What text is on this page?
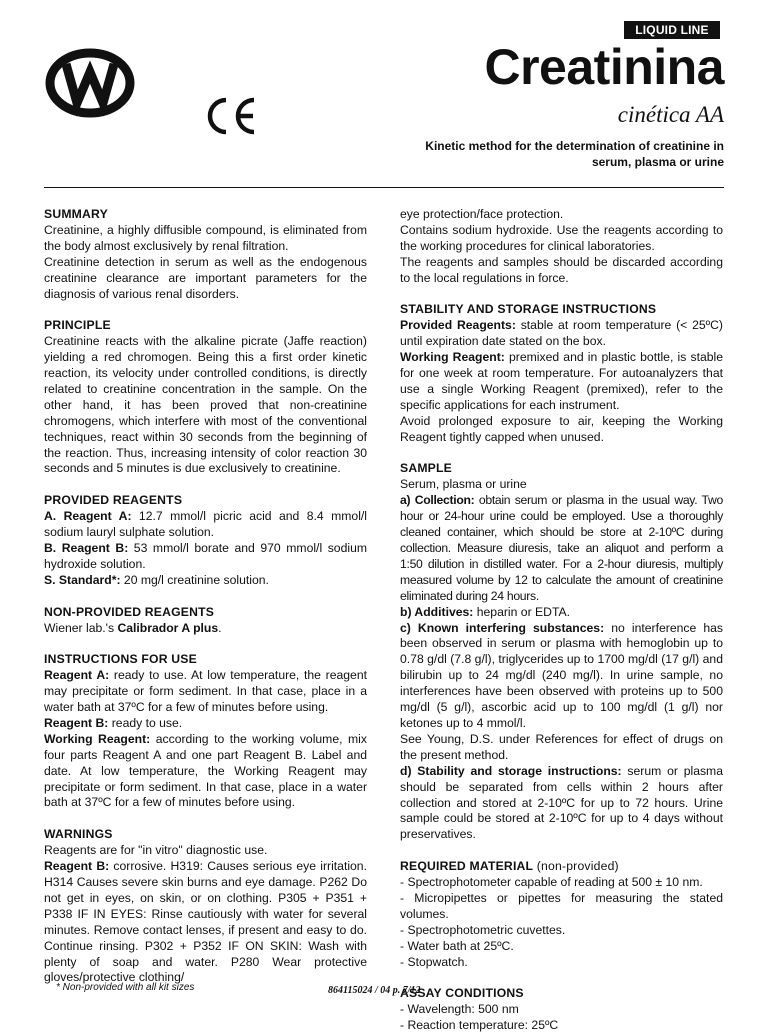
LIQUID LINE
Creatinina
cinética AA
Kinetic method for the determination of creatinine in
serum, plasma or urine
SUMMARY

Creatinine, a highly diffusible compound, is eliminated from the body almost exclusively by renal filtration.

Creatinine detection in serum as well as the endogenous creatinine clearance are important parameters for the diagnosis of various renal disorders.

PRINCIPLE

Creatinine reacts with the alkaline picrate (Jaffe reaction) yielding a red chromogen. Being this a first order kinetic reaction, its velocity under controlled conditions, is directly related to creatinine concentration in the sample. On the other hand, it has been proved that non-creatinine chromogens, which interfere with most of the conventional techniques, react within 30 seconds from the beginning of the reaction. Thus, increasing intensity of color reaction 30 seconds and 5 minutes is due exclusively to creatinine.

PROVIDED REAGENTS

A. Reagent A: 12.7 mmol/l picric acid and 8.4 mmol/l sodium lauryl sulphate solution.

B. Reagent B: 53 mmol/l borate and 970 mmol/l sodium hydroxide solution.

S. Standard*: 20 mg/l creatinine solution.

NON-PROVIDED REAGENTS

Wiener lab.'s Calibrador A plus.

INSTRUCTIONS FOR USE

Reagent A: ready to use. At low temperature, the reagent may precipitate or form sediment. In that case, place in a water bath at 37ºC for a few of minutes before using.

Reagent B: ready to use.

Working Reagent: according to the working volume, mix four parts Reagent A and one part Reagent B. Label and date. At low temperature, the Working Reagent may precipitate or form sediment. In that case, place in a water bath at 37ºC for a few of minutes before using.

WARNINGS

Reagents are for "in vitro" diagnostic use.

Reagent B: corrosive. H319: Causes serious eye irritation. H314 Causes severe skin burns and eye damage. P262 Do not get in eyes, on skin, or on clothing. P305 + P351 + P338 IF IN EYES: Rinse cautiously with water for several minutes. Remove contact lenses, if present and easy to do. Continue rinsing. P302 + P352 IF ON SKIN: Wash with plenty of soap and water. P280 Wear protective gloves/protective clothing/

eye protection/face protection.

Contains sodium hydroxide. Use the reagents according to the working procedures for clinical laboratories.

The reagents and samples should be discarded according to the local regulations in force.

STABILITY AND STORAGE INSTRUCTIONS

Provided Reagents: stable at room temperature (< 25ºC) until expiration date stated on the box.

Working Reagent: premixed and in plastic bottle, is stable for one week at room temperature. For autoanalyzers that use a single Working Reagent (premixed), refer to the specific applications for each instrument.

Avoid prolonged exposure to air, keeping the Working Reagent tightly capped when unused.

SAMPLE

Serum, plasma or urine

a) Collection: obtain serum or plasma in the usual way. Two hour or 24-hour urine could be employed. Use a thoroughly cleaned container, which should be store at 2-10ºC during collection. Measure diuresis, take an aliquot and perform a 1:50 dilution in distilled water. For a 2-hour diuresis, multiply measured volume by 12 to calculate the amount of creatinine eliminated during 24 hours.

b) Additives: heparin or EDTA.

c) Known interfering substances: no interference has been observed in serum or plasma with hemoglobin up to 0.78 g/dl (7.8 g/l), triglycerides up to 1700 mg/dl (17 g/l) and bilirubin up to 24 mg/dl (240 mg/l). In urine sample, no interferences have been observed with proteins up to 500 mg/dl (5 g/l), ascorbic acid up to 100 mg/dl (1 g/l) nor ketones up to 4 mmol/l.

See Young, D.S. under References for effect of drugs on the present method.

d) Stability and storage instructions: serum or plasma should be separated from cells within 2 hours after collection and stored at 2-10ºC for up to 72 hours. Urine sample could be stored at 2-10ºC for up to 4 days without preservatives.

REQUIRED MATERIAL (non-provided)

- Spectrophotometer capable of reading at 500 ± 10 nm.

- Micropipettes or pipettes for measuring the stated volumes.

- Spectrophotometric cuvettes.

- Water bath at 25ºC.

- Stopwatch.

ASSAY CONDITIONS

- Wavelength: 500 nm

- Reaction temperature: 25ºC

* Non-provided with all kit sizes	864115024 / 04 p. 7/12
